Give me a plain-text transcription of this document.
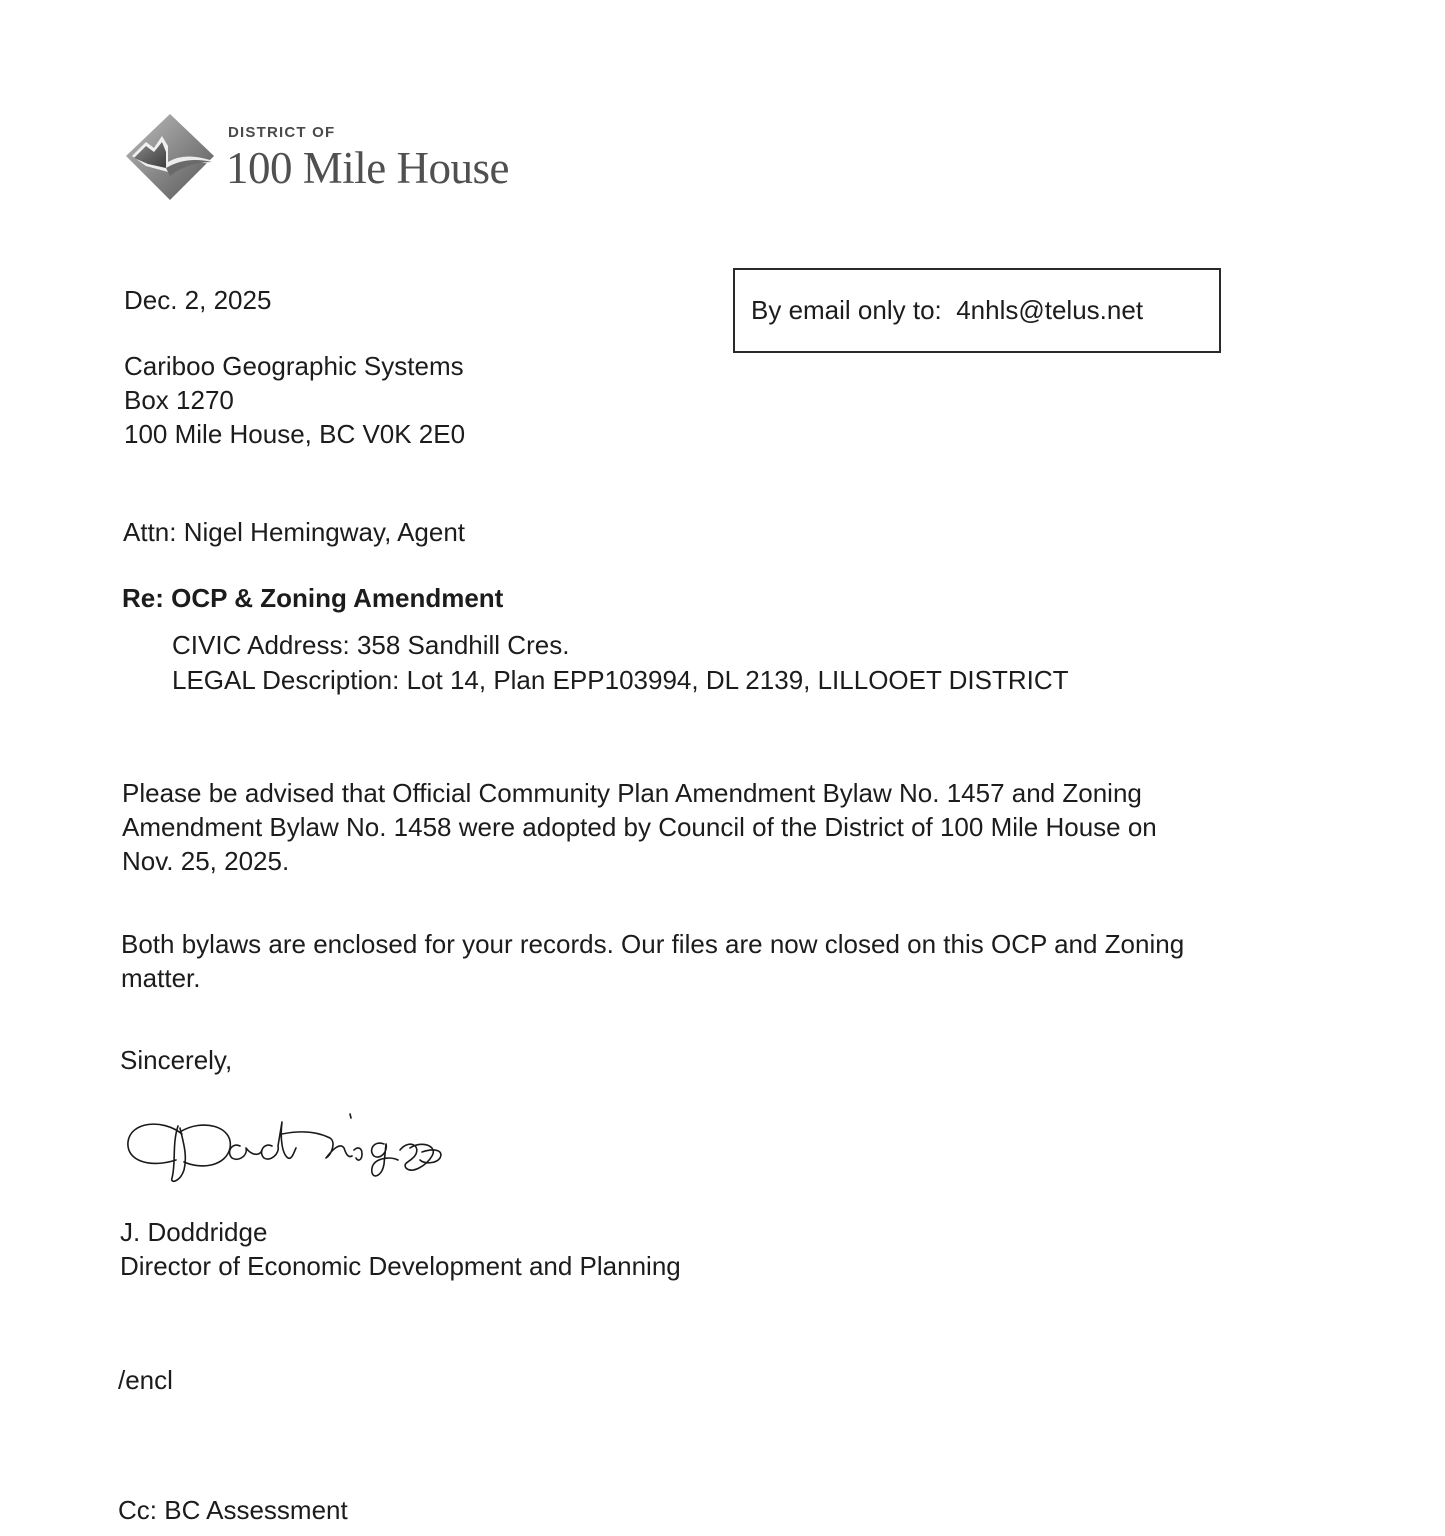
DISTRICT OF
100 Mile House
Dec. 2, 2025	By email only to: 4nhls@telus.net
Cariboo Geographic Systems
Box 1270
100 Mile House, BC V0K 2E0
Attn: Nigel Hemingway, Agent
Re: OCP & Zoning Amendment
CIVIC Address: 358 Sandhill Cres.
LEGAL Description: Lot 14, Plan EPP103994, DL 2139, LILLOOET DISTRICT
Please be advised that Official Community Plan Amendment Bylaw No. 1457 and Zoning
Amendment Bylaw No. 1458 were adopted by Council of the District of 100 Mile House on
Nov. 25, 2025.
Both bylaws are enclosed for your records. Our files are now closed on this OCP and Zoning
matter.
Sincerely,
J. Doddridge
Director of Economic Development and Planning
/encl
Cc: BC Assessment
